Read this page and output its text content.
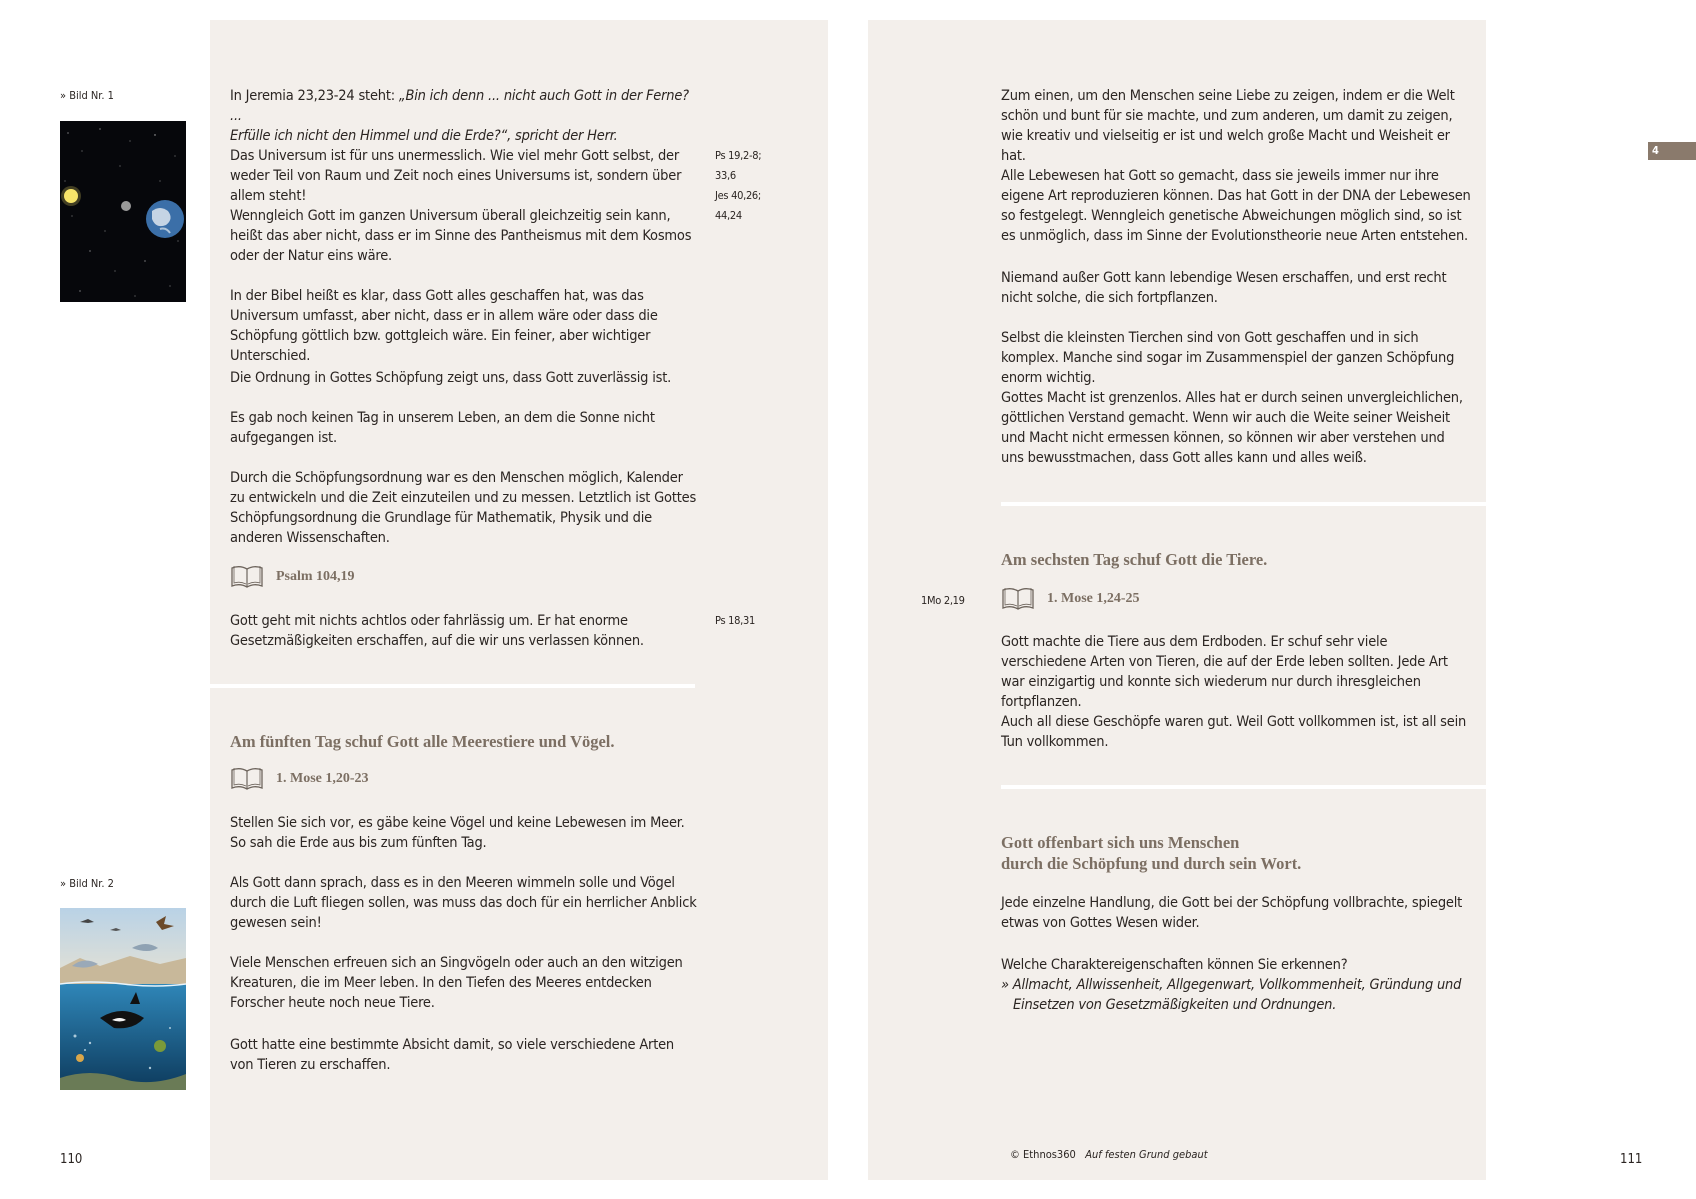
» Bild Nr. 1	In Jeremia 23,23-24 steht: „Bin ich denn ... nicht auch Gott in der Ferne? ...
Erfülle ich nicht den Himmel und die Erde?“, spricht der Herr.
Das Universum ist für uns unermesslich. Wie viel mehr Gott selbst, der weder Teil von Raum und Zeit noch eines Universums ist, sondern über allem steht!
Ps 19,2-8;
33,6
Jes 40,26;
44,24
Wenngleich Gott im ganzen Universum überall gleichzeitig sein kann, heißt das aber nicht, dass er im Sinne des Pantheismus mit dem Kosmos oder der Natur eins wäre.
In der Bibel heißt es klar, dass Gott alles geschaffen hat, was das Universum umfasst, aber nicht, dass er in allem wäre oder dass die Schöpfung göttlich bzw. gottgleich wäre. Ein feiner, aber wichtiger Unterschied.
Die Ordnung in Gottes Schöpfung zeigt uns, dass Gott zuverlässig ist.
Es gab noch keinen Tag in unserem Leben, an dem die Sonne nicht aufgegangen ist.
Durch die Schöpfungsordnung war es den Menschen möglich, Kalender zu entwickeln und die Zeit einzuteilen und zu messen. Letztlich ist Gottes Schöpfungsordnung die Grundlage für Mathematik, Physik und die anderen Wissenschaften.
Psalm 104,19
Gott geht mit nichts achtlos oder fahrlässig um. Er hat enorme Gesetzmäßigkeiten erschaffen, auf die wir uns verlassen können.
Ps 18,31
Am fünften Tag schuf Gott alle Meerestiere und Vögel.
1. Mose 1,20-23
Stellen Sie sich vor, es gäbe keine Vögel und keine Lebewesen im Meer. So sah die Erde aus bis zum fünften Tag.
Als Gott dann sprach, dass es in den Meeren wimmeln solle und Vögel durch die Luft fliegen sollen, was muss das doch für ein herrlicher Anblick gewesen sein!
Viele Menschen erfreuen sich an Singvögeln oder auch an den witzigen Kreaturen, die im Meer leben. In den Tiefen des Meeres entdecken Forscher heute noch neue Tiere.
Gott hatte eine bestimmte Absicht damit, so viele verschiedene Arten von Tieren zu erschaffen.
» Bild Nr. 2
110
Zum einen, um den Menschen seine Liebe zu zeigen, indem er die Welt schön und bunt für sie machte, und zum anderen, um damit zu zeigen, wie kreativ und vielseitig er ist und welch große Macht und Weisheit er hat.
Alle Lebewesen hat Gott so gemacht, dass sie jeweils immer nur ihre eigene Art reproduzieren können. Das hat Gott in der DNA der Lebewesen so festgelegt. Wenngleich genetische Abweichungen möglich sind, so ist es unmöglich, dass im Sinne der Evolutionstheorie neue Arten entstehen.
Niemand außer Gott kann lebendige Wesen erschaffen, und erst recht nicht solche, die sich fortpflanzen.
Selbst die kleinsten Tierchen sind von Gott geschaffen und in sich komplex. Manche sind sogar im Zusammenspiel der ganzen Schöpfung enorm wichtig.
Gottes Macht ist grenzenlos. Alles hat er durch seinen unvergleichlichen, göttlichen Verstand gemacht. Wenn wir auch die Weite seiner Weisheit und Macht nicht ermessen können, so können wir aber verstehen und uns bewusstmachen, dass Gott alles kann und alles weiß.
Am sechsten Tag schuf Gott die Tiere.
1Mo 2,19	1. Mose 1,24-25
Gott machte die Tiere aus dem Erdboden. Er schuf sehr viele verschiedene Arten von Tieren, die auf der Erde leben sollten. Jede Art war einzigartig und konnte sich wiederum nur durch ihresgleichen fortpflanzen.
Auch all diese Geschöpfe waren gut. Weil Gott vollkommen ist, ist all sein Tun vollkommen.
Gott offenbart sich uns Menschen
durch die Schöpfung und durch sein Wort.
Jede einzelne Handlung, die Gott bei der Schöpfung vollbrachte, spiegelt etwas von Gottes Wesen wider.
Welche Charaktereigenschaften können Sie erkennen?
» Allmacht, Allwissenheit, Allgegenwart, Vollkommenheit, Gründung und Einsetzen von Gesetzmäßigkeiten und Ordnungen.
© Ethnos360 Auf festen Grund gebaut
4
111
